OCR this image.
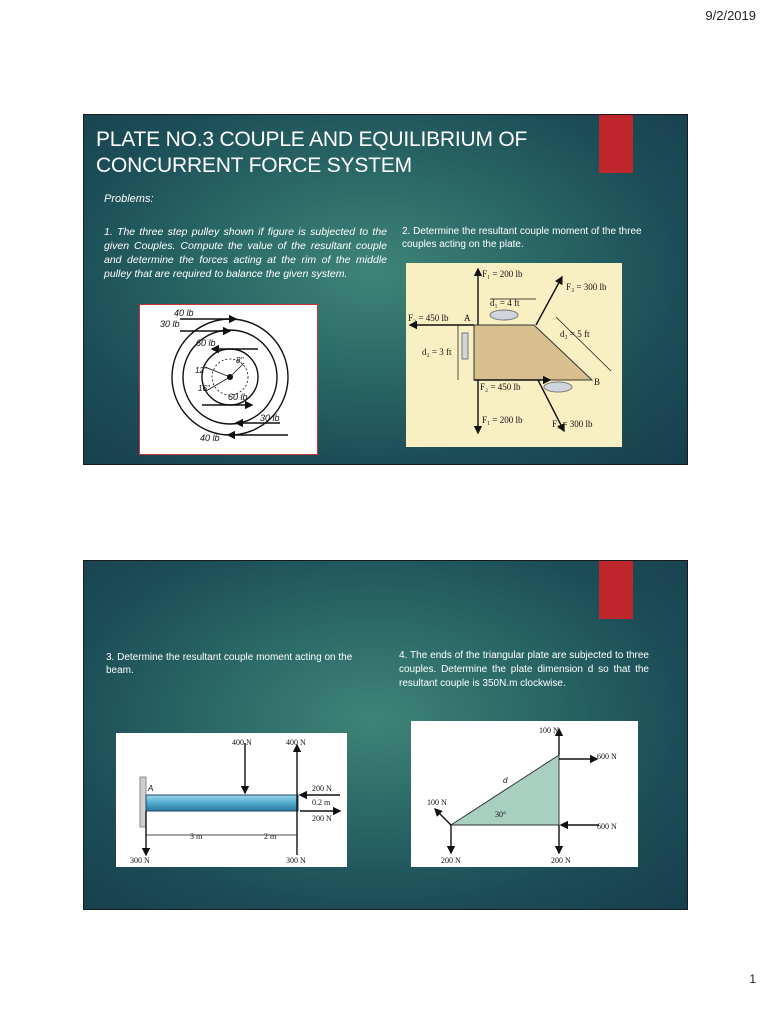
9/2/2019
PLATE NO.3 COUPLE AND EQUILIBRIUM OF CONCURRENT FORCE SYSTEM
Problems:
1. The three step pulley shown if figure is subjected to the given Couples. Compute the value of the resultant couple and determine the forces acting at the rim of the middle pulley that are required to balance the given system.
2. Determine the resultant couple moment of the three couples acting on the plate.
40 lb
30 lb
60 lb
60 lb
30 lb
40 lb
8"
12"
16"
F₁ = 200 lb
F₃ = 300 lb
d₁ = 4 ft
F₂ = 450 lb A
d₃ = 5 ft
d₂ = 3 ft
F₂ = 450 lb	B
F₁ = 200 lb	F₃ = 300 lb
3. Determine the resultant couple moment acting on the beam.
4. The ends of the triangular plate are subjected to three couples. Determine the plate dimension d so that the resultant couple is 350N.m clockwise.
400 N	400 N
A	200 N
0.2 m
200 N
3 m	2 m
300 N	300 N
100 N
600 N
d
100 N
30°
600 N
200 N	200 N
1
